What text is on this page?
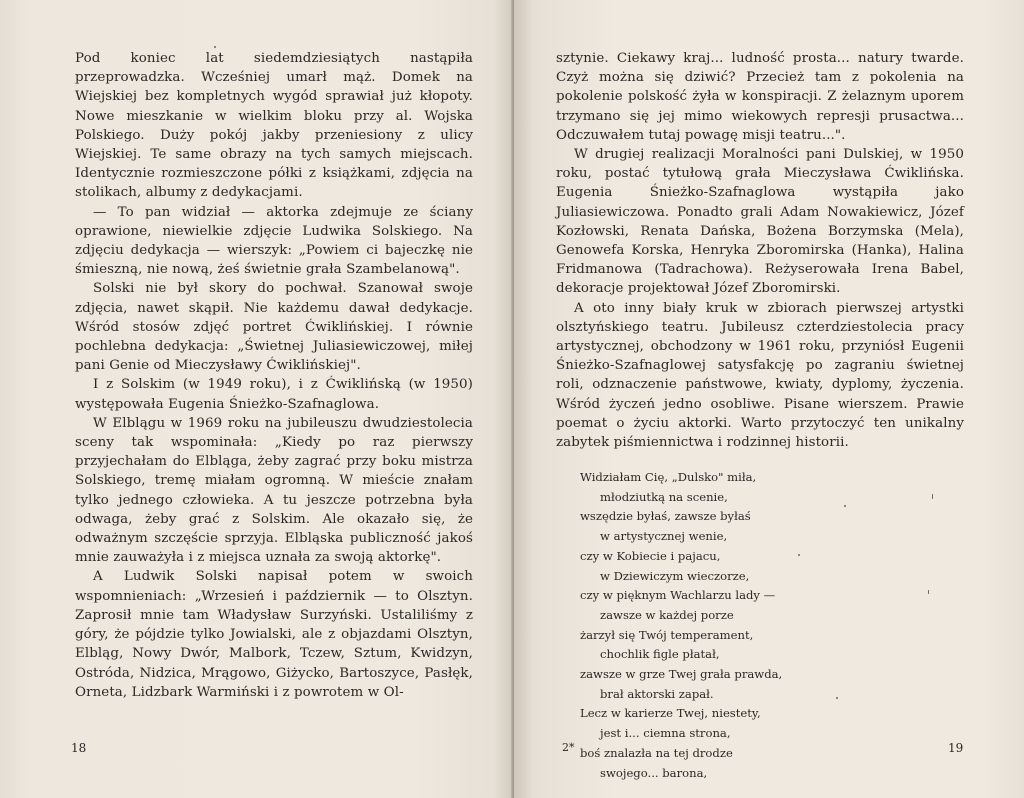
Pod koniec lat siedemdziesiątych nastąpiła przeprowadzka. Wcześniej umarł mąż. Domek na Wiejskiej bez kompletnych wygód sprawiał już kłopoty. Nowe mieszkanie w wielkim bloku przy al. Wojska Polskiego. Duży pokój jakby przeniesiony z ulicy Wiejskiej. Te same obrazy na tych samych miejscach. Identycznie rozmieszczone półki z książkami, zdjęcia na stolikach, albumy z dedykacjami.

— To pan widział — aktorka zdejmuje ze ściany oprawione, niewielkie zdjęcie Ludwika Solskiego. Na zdjęciu dedykacja — wierszyk: „Powiem ci bajeczkę nie śmieszną, nie nową, żeś świetnie grała Szambelanową".

Solski nie był skory do pochwał. Szanował swoje zdjęcia, nawet skąpił. Nie każdemu dawał dedykacje. Wśród stosów zdjęć portret Ćwiklińskiej. I równie pochlebna dedykacja: „Świetnej Juliasiewiczowej, miłej pani Genie od Mieczysławy Ćwiklińskiej".

I z Solskim (w 1949 roku), i z Ćwiklińską (w 1950) występowała Eugenia Śnieżko-Szafnaglowa.

W Elblągu w 1969 roku na jubileuszu dwudziestolecia sceny tak wspominała: „Kiedy po raz pierwszy przyjechałam do Elbląga, żeby zagrać przy boku mistrza Solskiego, tremę miałam ogromną. W mieście znałam tylko jednego człowieka. A tu jeszcze potrzebna była odwaga, żeby grać z Solskim. Ale okazało się, że odważnym szczęście sprzyja. Elbląska publiczność jakoś mnie zauważyła i z miejsca uznała za swoją aktorkę".

A Ludwik Solski napisał potem w swoich wspomnieniach: „Wrzesień i październik — to Olsztyn. Zaprosił mnie tam Władysław Surzyński. Ustaliliśmy z góry, że pójdzie tylko Jowialski, ale z objazdami Olsztyn, Elbląg, Nowy Dwór, Malbork, Tczew, Sztum, Kwidzyn, Ostróda, Nidzica, Mrągowo, Giżycko, Bartoszyce, Pasłęk, Orneta, Lidzbark Warmiński i z powrotem w Ol-

18

sztynie. Ciekawy kraj... ludność prosta... natury twarde. Czyż można się dziwić? Przecież tam z pokolenia na pokolenie polskość żyła w konspiracji. Z żelaznym uporem trzymano się jej mimo wiekowych represji prusactwa... Odczuwałem tutaj powagę misji teatru...".

W drugiej realizacji Moralności pani Dulskiej, w 1950 roku, postać tytułową grała Mieczysława Ćwiklińska. Eugenia Śnieżko-Szafnaglowa wystąpiła jako Juliasiewiczowa. Ponadto grali Adam Nowakiewicz, Józef Kozłowski, Renata Dańska, Bożena Borzymska (Mela), Genowefa Korska, Henryka Zboromirska (Hanka), Halina Fridmanowa (Tadrachowa). Reżyserowała Irena Babel, dekoracje projektował Józef Zboromirski.

A oto inny biały kruk w zbiorach pierwszej artystki olsztyńskiego teatru. Jubileusz czterdziestolecia pracy artystycznej, obchodzony w 1961 roku, przyniósł Eugenii Śnieżko-Szafnaglowej satysfakcję po zagraniu świetnej roli, odznaczenie państwowe, kwiaty, dyplomy, życzenia. Wśród życzeń jedno osobliwe. Pisane wierszem. Prawie poemat o życiu aktorki. Warto przytoczyć ten unikalny zabytek piśmiennictwa i rodzinnej historii.

Widziałam Cię, „Dulsko" miła,
młodziutką na scenie,
wszędzie byłaś, zawsze byłaś
w artystycznej wenie,
czy w Kobiecie i pajacu,
w Dziewiczym wieczorze,
czy w pięknym Wachlarzu lady —
zawsze w każdej porze
żarzył się Twój temperament,
chochlik figle płatał,
zawsze w grze Twej grała prawda,
brał aktorski zapał.
Lecz w karierze Twej, niestety,
jest i... ciemna strona,
boś znalazła na tej drodze
swojego... barona,
2*	19
